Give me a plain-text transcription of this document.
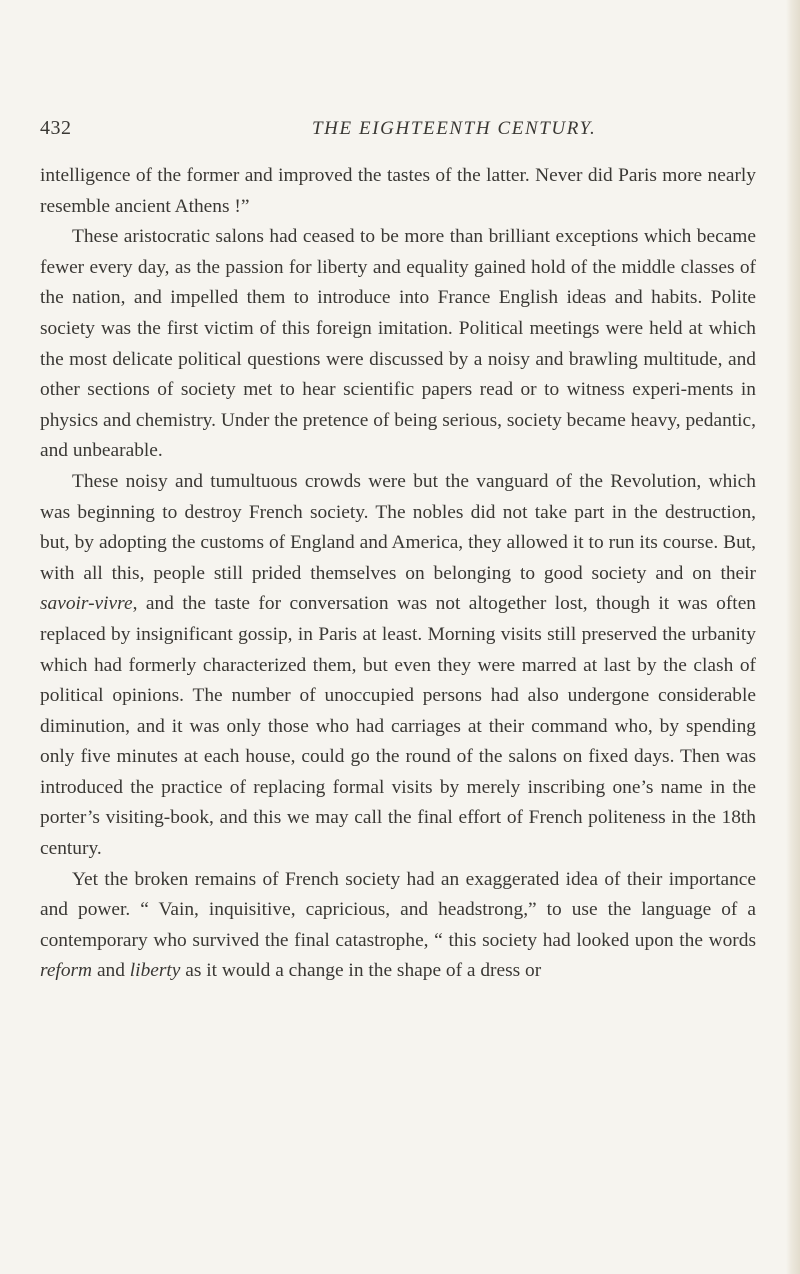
432	THE EIGHTEENTH CENTURY.

intelligence of the former and improved the tastes of the latter. Never did Paris more nearly resemble ancient Athens !”

These aristocratic salons had ceased to be more than brilliant exceptions which became fewer every day, as the passion for liberty and equality gained hold of the middle classes of the nation, and impelled them to introduce into France English ideas and habits. Polite society was the first victim of this foreign imitation. Political meetings were held at which the most delicate political questions were discussed by a noisy and brawling multitude, and other sections of society met to hear scientific papers read or to witness experi-ments in physics and chemistry. Under the pretence of being serious, society became heavy, pedantic, and unbearable.

These noisy and tumultuous crowds were but the vanguard of the Revolution, which was beginning to destroy French society. The nobles did not take part in the destruction, but, by adopting the customs of England and America, they allowed it to run its course. But, with all this, people still prided themselves on belonging to good society and on their savoir-vivre, and the taste for conversation was not altogether lost, though it was often replaced by insignificant gossip, in Paris at least. Morning visits still preserved the urbanity which had formerly characterized them, but even they were marred at last by the clash of political opinions. The number of unoccupied persons had also undergone considerable diminution, and it was only those who had carriages at their command who, by spending only five minutes at each house, could go the round of the salons on fixed days. Then was introduced the practice of replacing formal visits by merely inscribing one’s name in the porter’s visiting-book, and this we may call the final effort of French politeness in the 18th century.

Yet the broken remains of French society had an exaggerated idea of their importance and power. “ Vain, inquisitive, capricious, and headstrong,” to use the language of a contemporary who survived the final catastrophe, “ this society had looked upon the words reform and liberty as it would a change in the shape of a dress or
